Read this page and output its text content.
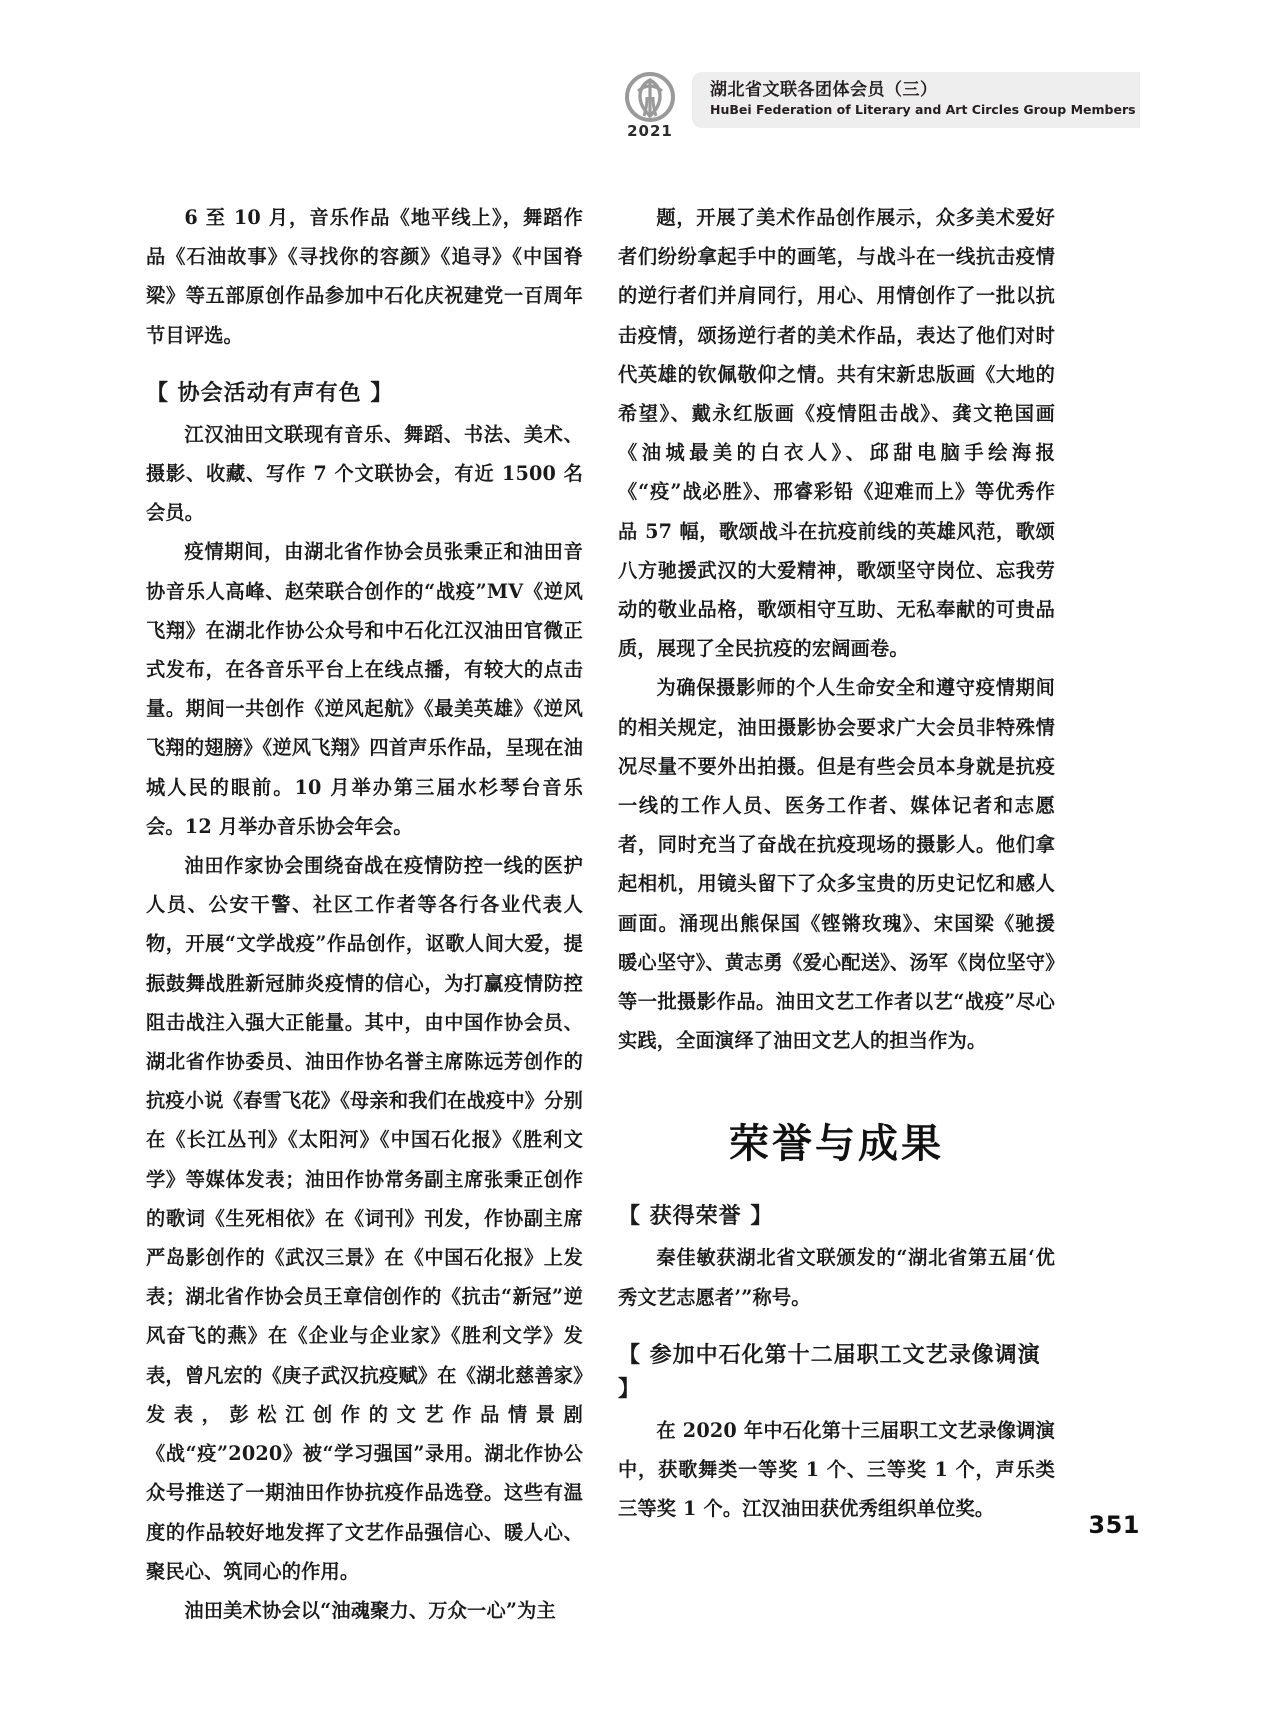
2021
湖北省文联各团体会员（三）
HuBei Federation of Literary and Art Circles Group Members

6 至 10 月，音乐作品《地平线上》，舞蹈作品《石油故事》《寻找你的容颜》《追寻》《中国脊梁》等五部原创作品参加中石化庆祝建党一百周年节目评选。

【 协会活动有声有色 】

江汉油田文联现有音乐、舞蹈、书法、美术、摄影、收藏、写作 7 个文联协会，有近 1500 名会员。

疫情期间，由湖北省作协会员张秉正和油田音协音乐人高峰、赵荣联合创作的“战疫”MV《逆风飞翔》在湖北作协公众号和中石化江汉油田官微正式发布，在各音乐平台上在线点播，有较大的点击量。期间一共创作《逆风起航》《最美英雄》《逆风飞翔的翅膀》《逆风飞翔》四首声乐作品，呈现在油城人民的眼前。10 月举办第三届水杉琴台音乐会。12 月举办音乐协会年会。

油田作家协会围绕奋战在疫情防控一线的医护人员、公安干警、社区工作者等各行各业代表人物，开展“文学战疫”作品创作，讴歌人间大爱，提振鼓舞战胜新冠肺炎疫情的信心，为打赢疫情防控阻击战注入强大正能量。其中，由中国作协会员、湖北省作协委员、油田作协名誉主席陈远芳创作的抗疫小说《春雪飞花》《母亲和我们在战疫中》分别在《长江丛刊》《太阳河》《中国石化报》《胜利文学》等媒体发表；油田作协常务副主席张秉正创作的歌词《生死相依》在《词刊》刊发，作协副主席严岛影创作的《武汉三景》在《中国石化报》上发表；湖北省作协会员王章信创作的《抗击“新冠”逆风奋飞的燕》在《企业与企业家》《胜利文学》发表，曾凡宏的《庚子武汉抗疫赋》在《湖北慈善家》发表，彭松江创作的文艺作品情景剧《战“疫”2020》被“学习强国”录用。湖北作协公众号推送了一期油田作协抗疫作品选登。这些有温度的作品较好地发挥了文艺作品强信心、暖人心、聚民心、筑同心的作用。

油田美术协会以“油魂聚力、万众一心”为主

题，开展了美术作品创作展示，众多美术爱好者们纷纷拿起手中的画笔，与战斗在一线抗击疫情的逆行者们并肩同行，用心、用情创作了一批以抗击疫情，颂扬逆行者的美术作品，表达了他们对时代英雄的钦佩敬仰之情。共有宋新忠版画《大地的希望》、戴永红版画《疫情阻击战》、龚文艳国画《油城最美的白衣人》、邱甜电脑手绘海报《“疫”战必胜》、邢睿彩铅《迎难而上》等优秀作品 57 幅，歌颂战斗在抗疫前线的英雄风范，歌颂八方驰援武汉的大爱精神，歌颂坚守岗位、忘我劳动的敬业品格，歌颂相守互助、无私奉献的可贵品质，展现了全民抗疫的宏阔画卷。

为确保摄影师的个人生命安全和遵守疫情期间的相关规定，油田摄影协会要求广大会员非特殊情况尽量不要外出拍摄。但是有些会员本身就是抗疫一线的工作人员、医务工作者、媒体记者和志愿者，同时充当了奋战在抗疫现场的摄影人。他们拿起相机，用镜头留下了众多宝贵的历史记忆和感人画面。涌现出熊保国《铿锵玫瑰》、宋国梁《驰援 暖心坚守》、黄志勇《爱心配送》、汤军《岗位坚守》等一批摄影作品。油田文艺工作者以艺“战疫”尽心实践，全面演绎了油田文艺人的担当作为。

荣誉与成果
【 获得荣誉 】

秦佳敏获湖北省文联颁发的“湖北省第五届‘优秀文艺志愿者’”称号。

【 参加中石化第十二届职工文艺录像调演 】

在 2020 年中石化第十三届职工文艺录像调演中，获歌舞类一等奖 1 个、三等奖 1 个，声乐类三等奖 1 个。江汉油田获优秀组织单位奖。

351
